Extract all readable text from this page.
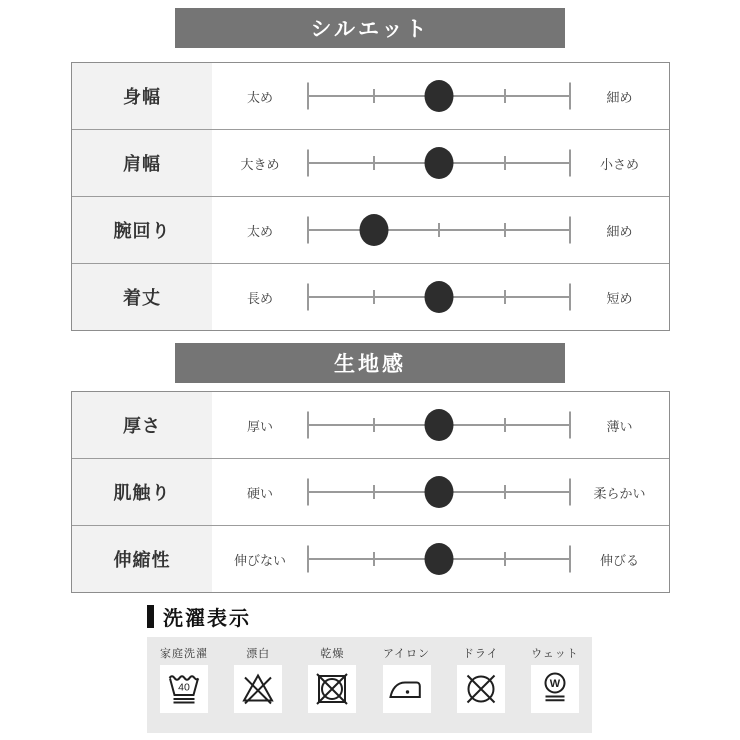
シルエット
身幅	太め	細め
肩幅	大きめ	小さめ
腕回り	太め	細め
着丈	長め	短め
生地感
厚さ	厚い	薄い
肌触り	硬い	柔らかい
伸縮性	伸びない	伸びる
洗濯表示
家庭洗濯
40
漂白	乾燥	アイロン	ドライ	ウェット
W
